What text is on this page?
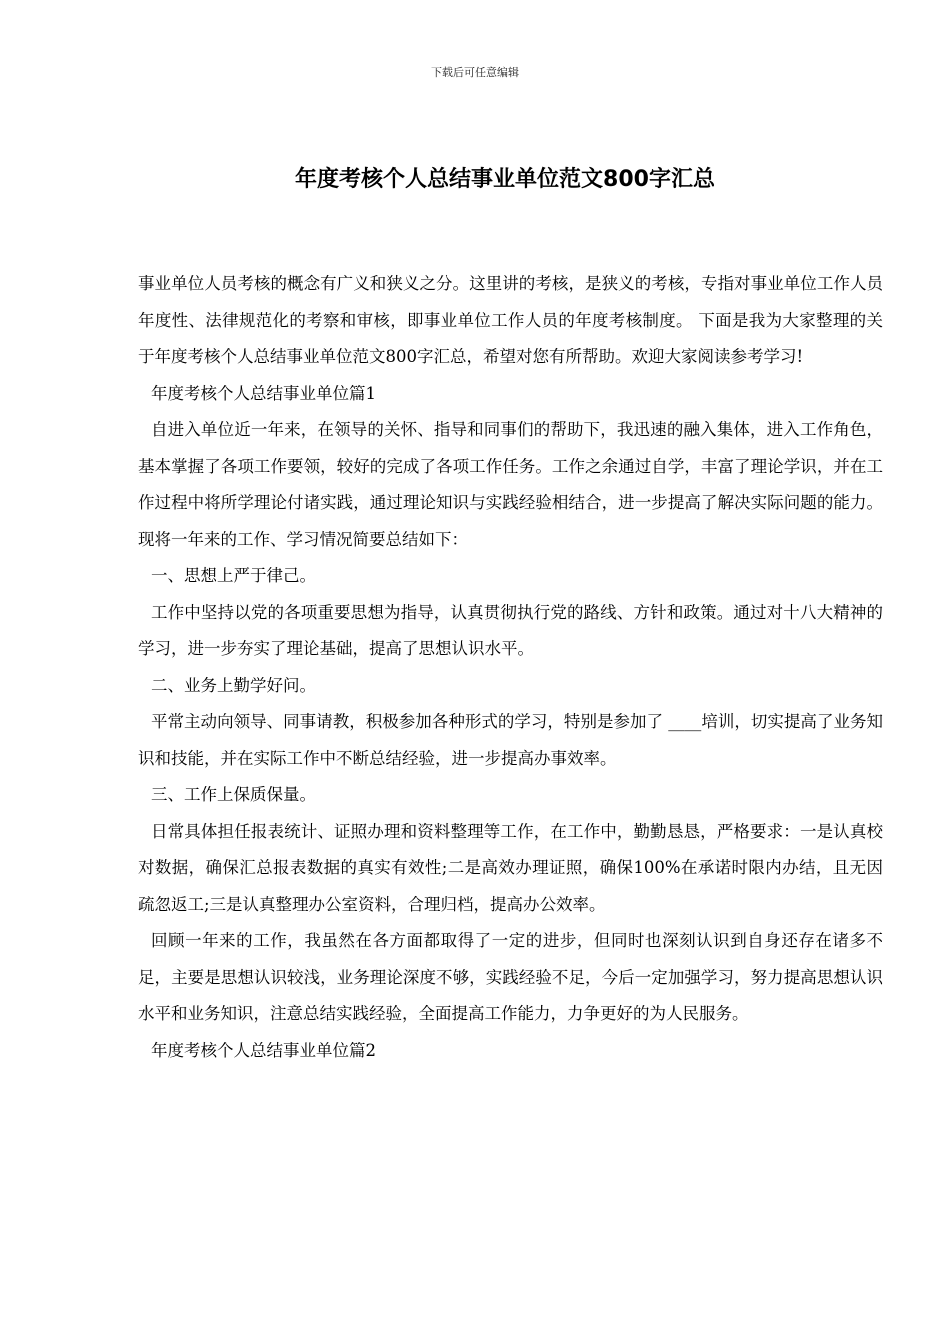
下载后可任意编辑
年度考核个人总结事业单位范文800字汇总

事业单位人员考核的概念有广义和狭义之分。这里讲的考核，是狭义的考核，专指对事业单位工作人员年度性、法律规范化的考察和审核，即事业单位工作人员的年度考核制度。 下面是我为大家整理的关于年度考核个人总结事业单位范文800字汇总，希望对您有所帮助。欢迎大家阅读参考学习!

年度考核个人总结事业单位篇1

自进入单位近一年来，在领导的关怀、指导和同事们的帮助下，我迅速的融入集体，进入工作角色，基本掌握了各项工作要领，较好的完成了各项工作任务。工作之余通过自学，丰富了理论学识，并在工作过程中将所学理论付诸实践，通过理论知识与实践经验相结合，进一步提高了解决实际问题的能力。现将一年来的工作、学习情况简要总结如下：

一、思想上严于律己。

工作中坚持以党的各项重要思想为指导，认真贯彻执行党的路线、方针和政策。通过对十八大精神的学习，进一步夯实了理论基础，提高了思想认识水平。

二、业务上勤学好问。

平常主动向领导、同事请教，积极参加各种形式的学习，特别是参加了 ____培训，切实提高了业务知识和技能，并在实际工作中不断总结经验，进一步提高办事效率。

三、工作上保质保量。

日常具体担任报表统计、证照办理和资料整理等工作，在工作中，勤勤恳恳，严格要求：一是认真校对数据，确保汇总报表数据的真实有效性;二是高效办理证照，确保100%在承诺时限内办结，且无因疏忽返工;三是认真整理办公室资料，合理归档，提高办公效率。

回顾一年来的工作，我虽然在各方面都取得了一定的进步，但同时也深刻认识到自身还存在诸多不足，主要是思想认识较浅，业务理论深度不够，实践经验不足，今后一定加强学习，努力提高思想认识水平和业务知识，注意总结实践经验，全面提高工作能力，力争更好的为人民服务。

年度考核个人总结事业单位篇2
